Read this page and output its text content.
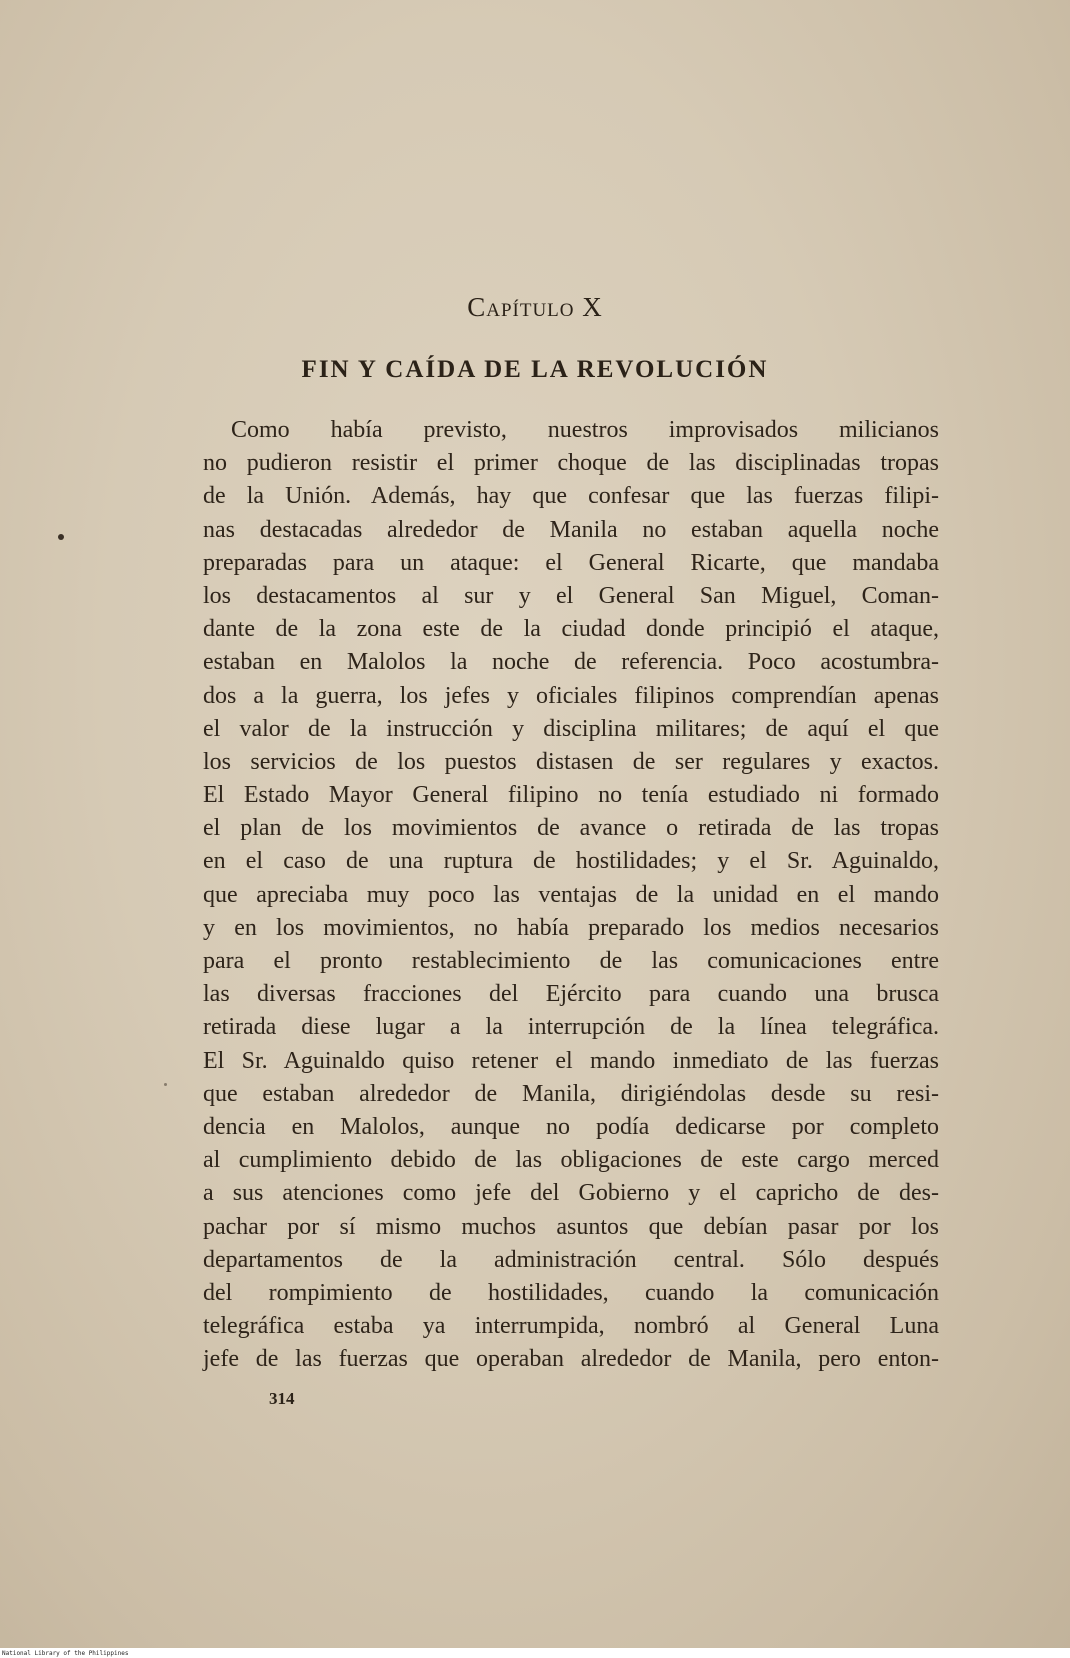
Capítulo X
FIN Y CAÍDA DE LA REVOLUCIÓN
Como había previsto, nuestros improvisados milicianos
no pudieron resistir el primer choque de las disciplinadas tropas
de la Unión. Además, hay que confesar que las fuerzas filipi-
nas destacadas alrededor de Manila no estaban aquella noche
preparadas para un ataque: el General Ricarte, que mandaba
los destacamentos al sur y el General San Miguel, Coman-
dante de la zona este de la ciudad donde principió el ataque,
estaban en Malolos la noche de referencia. Poco acostumbra-
dos a la guerra, los jefes y oficiales filipinos comprendían apenas
el valor de la instrucción y disciplina militares; de aquí el que
los servicios de los puestos distasen de ser regulares y exactos.
El Estado Mayor General filipino no tenía estudiado ni formado
el plan de los movimientos de avance o retirada de las tropas
en el caso de una ruptura de hostilidades; y el Sr. Aguinaldo,
que apreciaba muy poco las ventajas de la unidad en el mando
y en los movimientos, no había preparado los medios necesarios
para el pronto restablecimiento de las comunicaciones entre
las diversas fracciones del Ejército para cuando una brusca
retirada diese lugar a la interrupción de la línea telegráfica.
El Sr. Aguinaldo quiso retener el mando inmediato de las fuerzas
que estaban alrededor de Manila, dirigiéndolas desde su resi-
dencia en Malolos, aunque no podía dedicarse por completo
al cumplimiento debido de las obligaciones de este cargo merced
a sus atenciones como jefe del Gobierno y el capricho de des-
pachar por sí mismo muchos asuntos que debían pasar por los
departamentos de la administración central. Sólo después
del rompimiento de hostilidades, cuando la comunicación
telegráfica estaba ya interrumpida, nombró al General Luna
jefe de las fuerzas que operaban alrededor de Manila, pero enton-
314
National Library of the Philippines
